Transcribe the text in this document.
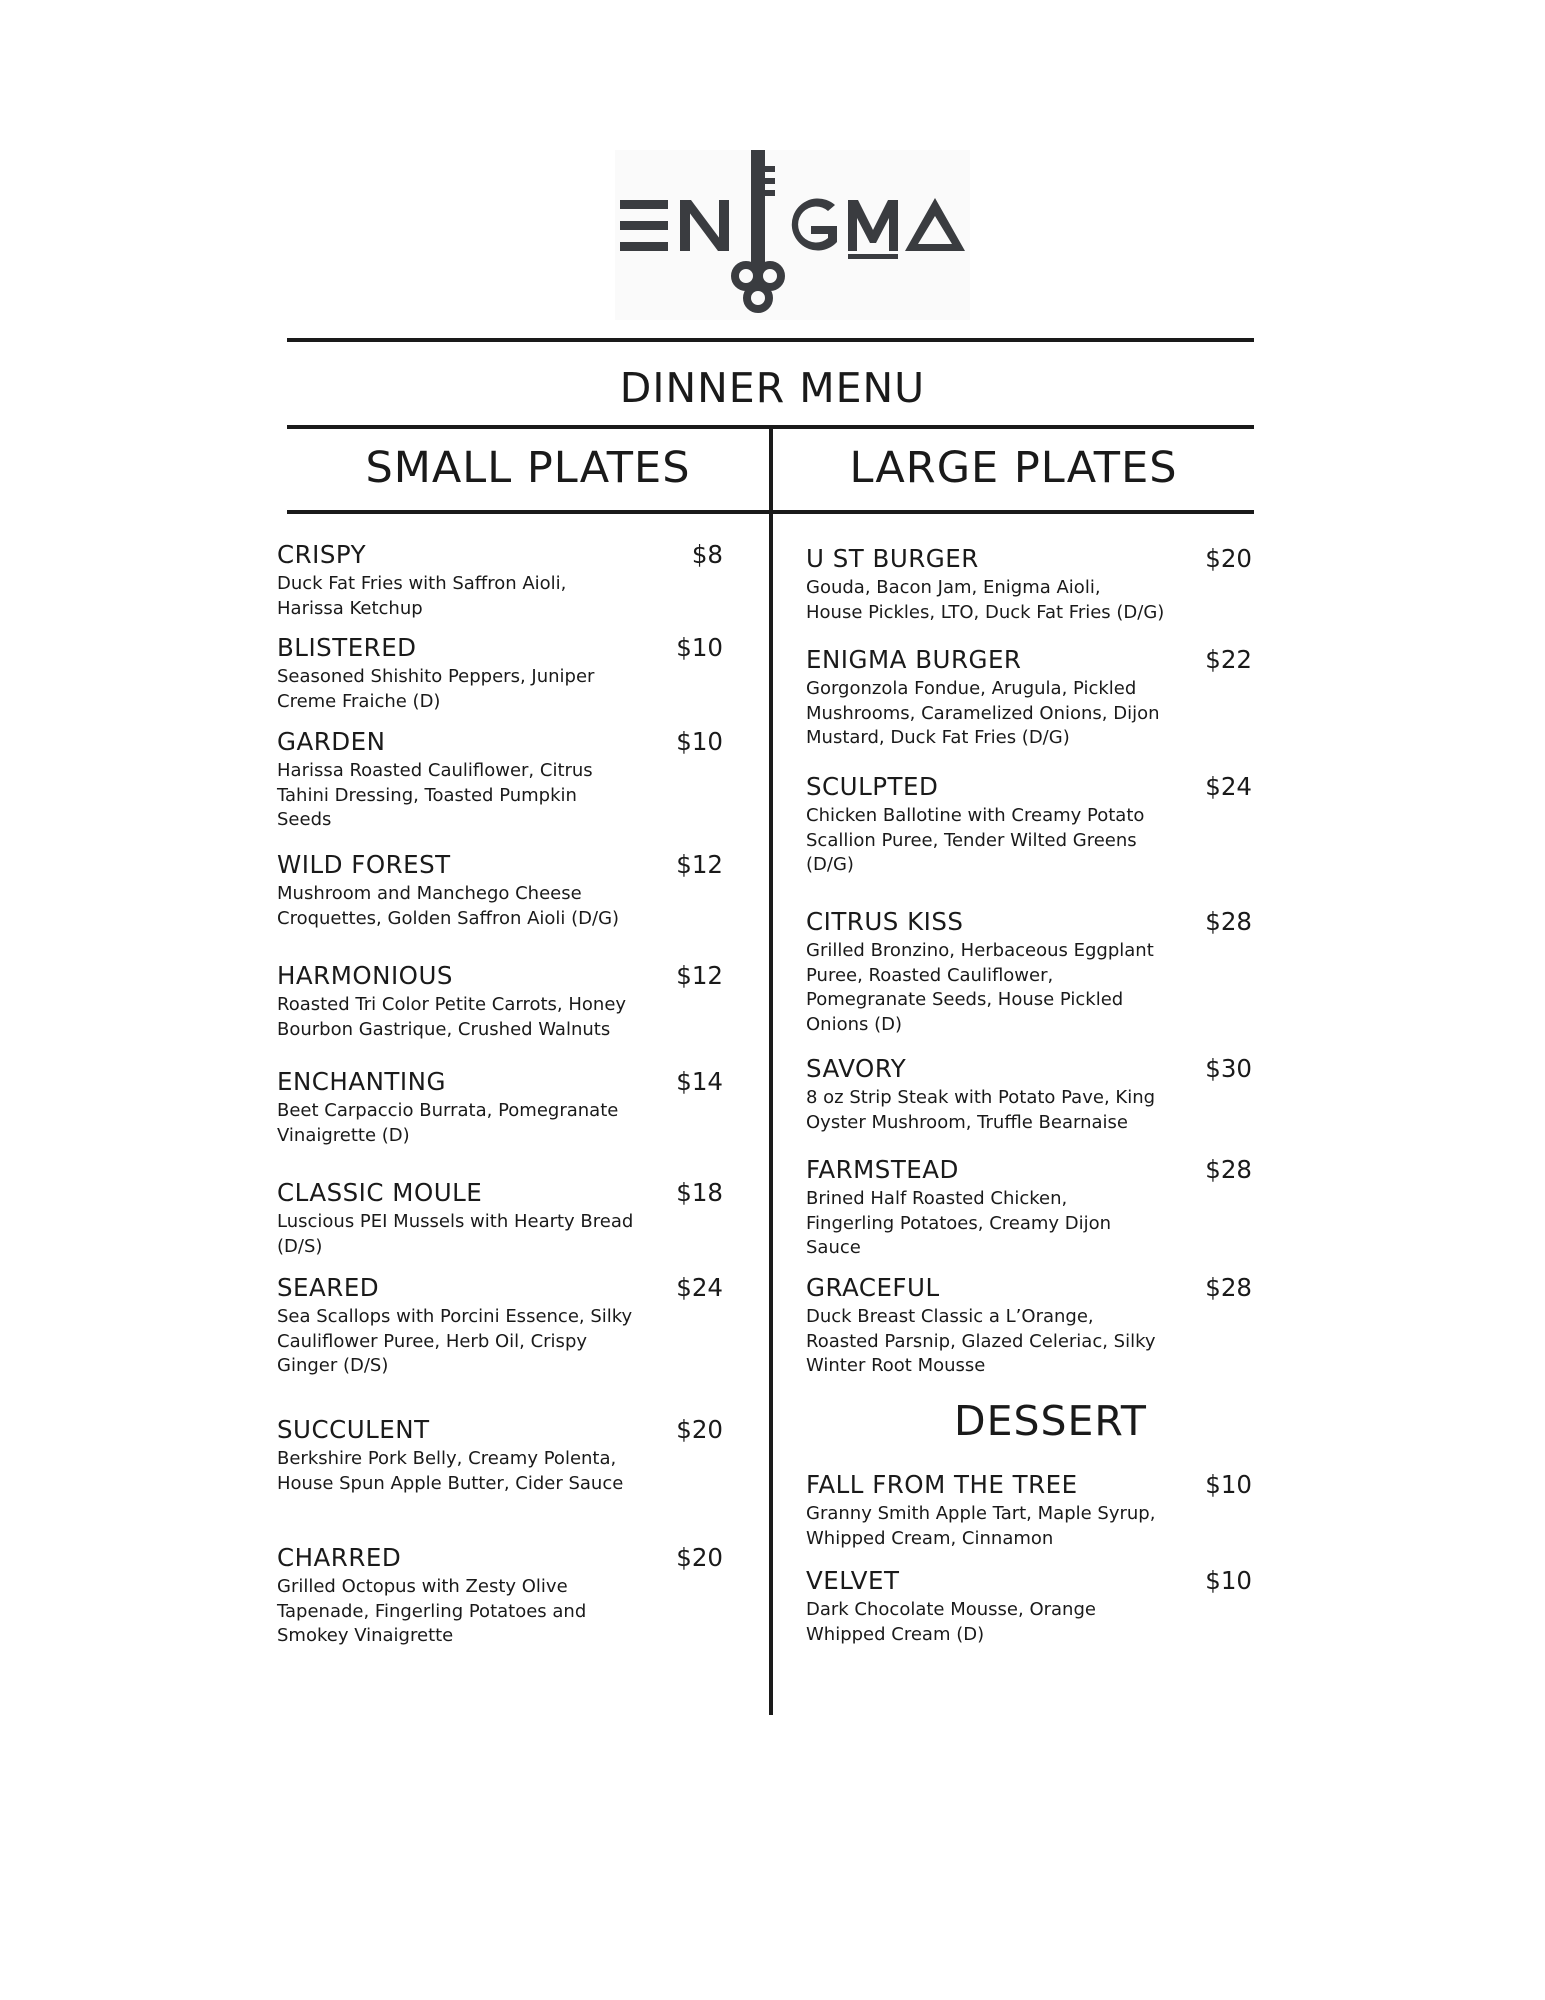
DINNER MENU
SMALL PLATES	LARGE PLATES
CRISPY	$8
Duck Fat Fries with Saffron Aioli,
Harissa Ketchup
BLISTERED	$10
Seasoned Shishito Peppers, Juniper
Creme Fraiche (D)
GARDEN	$10
Harissa Roasted Cauliflower, Citrus
Tahini Dressing, Toasted Pumpkin
Seeds
WILD FOREST	$12
Mushroom and Manchego Cheese
Croquettes, Golden Saffron Aioli (D/G)
HARMONIOUS	$12
Roasted Tri Color Petite Carrots, Honey
Bourbon Gastrique, Crushed Walnuts
ENCHANTING	$14
Beet Carpaccio Burrata, Pomegranate
Vinaigrette (D)
CLASSIC MOULE	$18
Luscious PEI Mussels with Hearty Bread
(D/S)
SEARED	$24
Sea Scallops with Porcini Essence, Silky
Cauliflower Puree, Herb Oil, Crispy
Ginger (D/S)
SUCCULENT	$20
Berkshire Pork Belly, Creamy Polenta,
House Spun Apple Butter, Cider Sauce
CHARRED	$20
Grilled Octopus with Zesty Olive
Tapenade, Fingerling Potatoes and
Smokey Vinaigrette
U ST BURGER	$20
Gouda, Bacon Jam, Enigma Aioli,
House Pickles, LTO, Duck Fat Fries (D/G)
ENIGMA BURGER	$22
Gorgonzola Fondue, Arugula, Pickled
Mushrooms, Caramelized Onions, Dijon
Mustard, Duck Fat Fries (D/G)
SCULPTED	$24
Chicken Ballotine with Creamy Potato
Scallion Puree, Tender Wilted Greens
(D/G)
CITRUS KISS	$28
Grilled Bronzino, Herbaceous Eggplant
Puree, Roasted Cauliflower,
Pomegranate Seeds, House Pickled
Onions (D)
SAVORY	$30
8 oz Strip Steak with Potato Pave, King
Oyster Mushroom, Truffle Bearnaise
FARMSTEAD	$28
Brined Half Roasted Chicken,
Fingerling Potatoes, Creamy Dijon
Sauce
GRACEFUL	$28
Duck Breast Classic a L’Orange,
Roasted Parsnip, Glazed Celeriac, Silky
Winter Root Mousse
DESSERT
FALL FROM THE TREE	$10
Granny Smith Apple Tart, Maple Syrup,
Whipped Cream, Cinnamon
VELVET	$10
Dark Chocolate Mousse, Orange
Whipped Cream (D)
